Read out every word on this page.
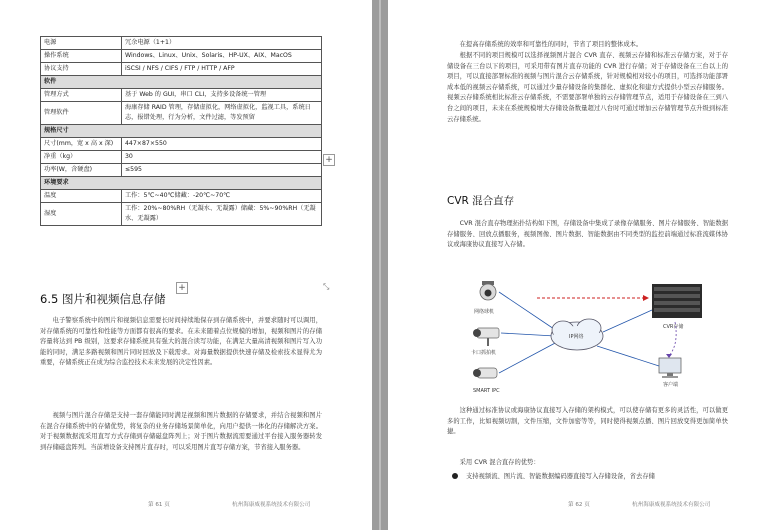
电源	冗余电源（1+1）
操作系统	Windows、Linux、Unix、Solaris、HP-UX、AIX、MacOS
协议支持	iSCSI / NFS / CIFS / FTP / HTTP / AFP
软件	
管理方式	基于 Web 的 GUI，串口 CLI，支持多设备统一管理
管理软件	海康存储 RAID 管理，存储虚拟化，网络虚拟化，监视工具，系统日志，报错处理，行为分析，文件过滤，等发预留
规格尺寸	
尺寸(mm，宽 x 高 x 深)	447×87×550
净重（kg）	30
功率(W，含硬盘)	≤595
环境要求	
温度	工作：5℃~40℃储藏：-20℃~70℃
湿度	工作：20%~80%RH（无凝水、无凝露）储藏：5%~90%RH（无凝水、无凝露）
+
+	⤡
6.5 图片和视频信息存储

电子警察系统中的图片和视频信息需要长时间持续地保存到存储系统中，并要求随时可以调用，对存储系统的可靠性和性能等方面都有很高的要求。在未来随着点位规模的增加，视频和图片的存储容量将达到 PB 级别，这要求存储系统具有强大的混合读写功能，在满足大量高清视频和图片写入功能的同时，满足多路视频和图片同时回放及下载需求。对海量数据提供快速存储及检索技术显得尤为重要，存储系统正在成为综合监控技术未来发展的决定性因素。

视频与图片混合存储是支持一套存储能同时满足视频和图片数据的存储要求，并结合视频和图片在混合存储系统中的存储优势，将复杂的业务存储场景简单化，向用户提供一体化的存储解决方案。对于视频数据流采用直写方式存储到存储磁盘阵列上；对于图片数据流需要通过平台接入服务器转发到存储磁盘阵列。当前增设备支持图片直存时，可以采用图片直写存储方案，节省接入服务器。

第 61 页	杭州海康威视系统技术有限公司

在提高存储系统的效率和可靠性的同时，节省了项目的整体成本。

根据不同的项目规模可以选择视频图片混合 CVR 直存、视频云存储和标准云存储方案，对于存储设备在三台以下的项目，可采用带有图片直存功能的 CVR 进行存储；对于存储设备在三台以上的项目，可以直接部署标准的视频与图片混合云存储系统，针对规模相对较小的项目，可选择功能部署成本低的视频云存储系统，可以通过少量存储设备的集群化、虚拟化和建方式提供小型云存储服务。视频云存储系统相比标准云存储系统，不需要部署单独的云存储管理节点，适用于存储设备在三到八台之间的项目，未来在系统规模增大存储设备数量超过八台时可通过增加云存储管理节点升级到标准云存储系统。

CVR 混合直存

CVR 混合直存物理拓扑结构如下图，存储设备中集成了录像存储服务、图片存储服务、智能数据存储服务、回放点播服务，视频图像、图片数据、智能数据由不同类型的监控前端通过标准流媒体协议或海康协议直接写入存储。

网络球机
卡口抓拍机
SMART IPC
IP网络
CVR存储
客户端

这种通过标准协议或海康协议直接写入存储的架构模式，可以使存储有更多的灵活性，可以做更多的工作，比如视频切割，文件压缩，文件加密等等，同时使得视频点播、图片回放变得更加简单快捷。

采用 CVR 混合直存的优势：

支持视频流、图片流、智能数据编码器直接写入存储设备，省去存储
第 62 页	杭州海康威视系统技术有限公司
